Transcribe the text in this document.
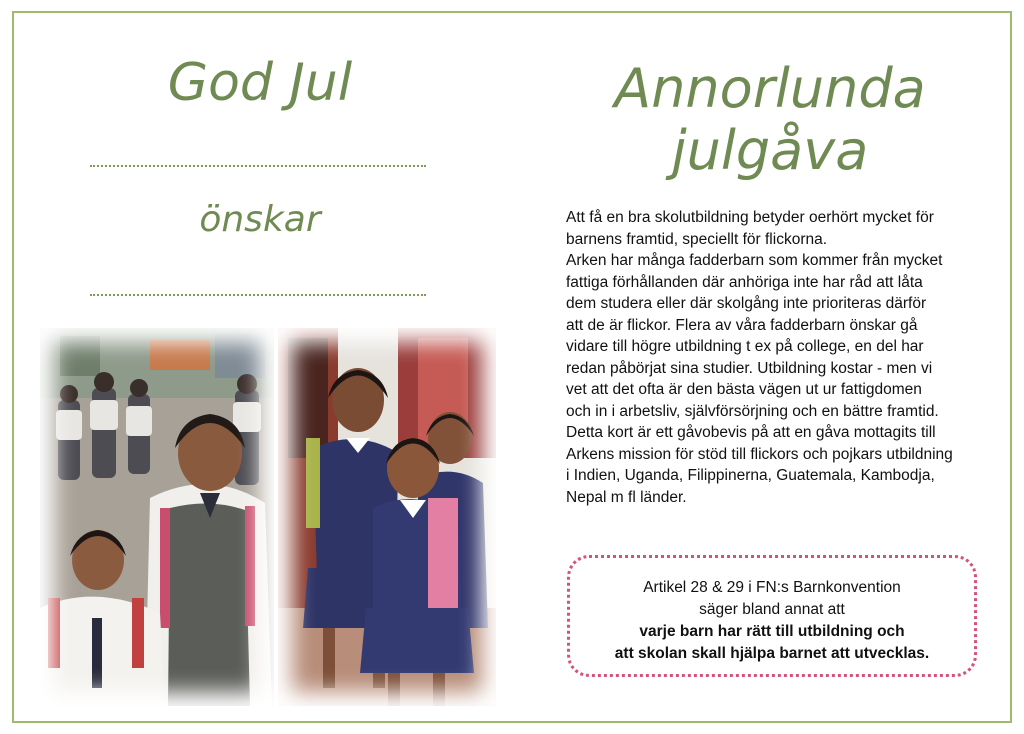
God Jul
önskar
Annorlunda
julgåva

Att få en bra skolutbildning betyder oerhört mycket för

barnens framtid, speciellt för flickorna.

Arken har många fadderbarn som kommer från mycket

fattiga förhållanden där anhöriga inte har råd att låta

dem studera eller där skolgång inte prioriteras därför

att de är flickor. Flera av våra fadderbarn önskar gå

vidare till högre utbildning t ex på college, en del har

redan påbörjat sina studier. Utbildning kostar - men vi

vet att det ofta är den bästa vägen ut ur fattigdomen

och in i arbetsliv, självförsörjning och en bättre framtid.

Detta kort är ett gåvobevis på att en gåva mottagits till

Arkens mission för stöd till flickors och pojkars utbildning

i Indien, Uganda, Filippinerna, Guatemala, Kambodja,

Nepal m fl länder.

Artikel 28 & 29 i FN:s Barnkonvention
säger bland annat att
varje barn har rätt till utbildning och
att skolan skall hjälpa barnet att utvecklas.
